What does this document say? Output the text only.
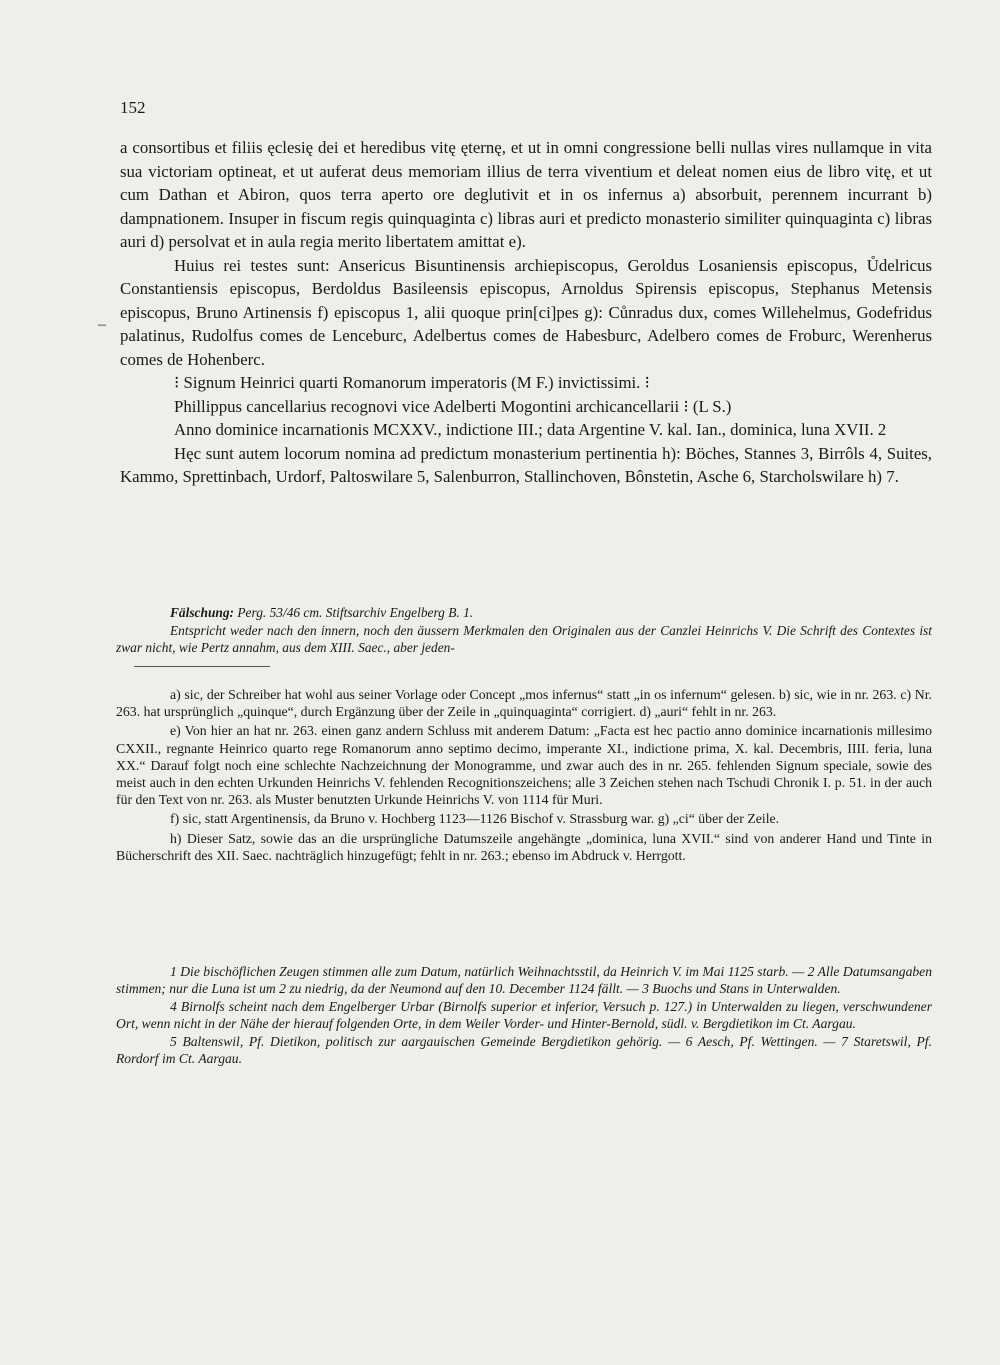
152
–

a consortibus et filiis ęclesię dei et heredibus vitę ęternę, et ut in omni congressione belli nullas vires nullamque in vita sua victoriam optineat, et ut auferat deus memoriam illius de terra viventium et deleat nomen eius de libro vitę, et ut cum Dathan et Abiron, quos terra aperto ore deglutivit et in os infernus a) absorbuit, perennem incurrant b) dampnationem. Insuper in fiscum regis quinquaginta c) libras auri et predicto monasterio similiter quinquaginta c) libras auri d) persolvat et in aula regia merito libertatem amittat e).

Huius rei testes sunt: Ansericus Bisuntinensis archiepiscopus, Geroldus Losaniensis episcopus, Ůdelricus Constantiensis episcopus, Berdoldus Basileensis episcopus, Arnoldus Spirensis episcopus, Stephanus Metensis episcopus, Bruno Artinensis f) episcopus 1, alii quoque prin[ci]pes g): Cůnradus dux, comes Willehelmus, Godefridus palatinus, Rudolfus comes de Lenceburc, Adelbertus comes de Habesburc, Adelbero comes de Froburc, Werenherus comes de Hohenberc.

⁝ Signum Heinrici quarti Romanorum imperatoris (M F.) invictissimi. ⁝

Phillippus cancellarius recognovi vice Adelberti Mogontini archicancellarii ⁝ (L S.)

Anno dominice incarnationis MCXXV., indictione III.; data Argentine V. kal. Ian., dominica, luna XVII. 2

Hęc sunt autem locorum nomina ad predictum monasterium pertinentia h): Böches, Stannes 3, Birrôls 4, Suites, Kammo, Sprettinbach, Urdorf, Paltoswilare 5, Salenburron, Stallinchoven, Bônstetin, Asche 6, Starcholswilare h) 7.

Fälschung: Perg. 53/46 cm. Stiftsarchiv Engelberg B. 1.

Entspricht weder nach den innern, noch den äussern Merkmalen den Originalen aus der Canzlei Heinrichs V. Die Schrift des Contextes ist zwar nicht, wie Pertz annahm, aus dem XIII. Saec., aber jeden-

a) sic, der Schreiber hat wohl aus seiner Vorlage oder Concept „mos infernus“ statt „in os infernum“ gelesen. b) sic, wie in nr. 263. c) Nr. 263. hat ursprünglich „quinque“, durch Ergänzung über der Zeile in „quinquaginta“ corrigiert. d) „auri“ fehlt in nr. 263.

e) Von hier an hat nr. 263. einen ganz andern Schluss mit anderem Datum: „Facta est hec pactio anno dominice incarnationis millesimo CXXII., regnante Heinrico quarto rege Romanorum anno septimo decimo, imperante XI., indictione prima, X. kal. Decembris, IIII. feria, luna XX.“ Darauf folgt noch eine schlechte Nachzeichnung der Monogramme, und zwar auch des in nr. 265. fehlenden Signum speciale, sowie des meist auch in den echten Urkunden Heinrichs V. fehlenden Recognitionszeichens; alle 3 Zeichen stehen nach Tschudi Chronik I. p. 51. in der auch für den Text von nr. 263. als Muster benutzten Urkunde Heinrichs V. von 1114 für Muri.

f) sic, statt Argentinensis, da Bruno v. Hochberg 1123—1126 Bischof v. Strassburg war. g) „ci“ über der Zeile.

h) Dieser Satz, sowie das an die ursprüngliche Datumszeile angehängte „dominica, luna XVII.“ sind von anderer Hand und Tinte in Bücherschrift des XII. Saec. nachträglich hinzugefügt; fehlt in nr. 263.; ebenso im Abdruck v. Herrgott.

1 Die bischöflichen Zeugen stimmen alle zum Datum, natürlich Weihnachtsstil, da Heinrich V. im Mai 1125 starb. — 2 Alle Datumsangaben stimmen; nur die Luna ist um 2 zu niedrig, da der Neumond auf den 10. December 1124 fällt. — 3 Buochs und Stans in Unterwalden.

4 Birnolfs scheint nach dem Engelberger Urbar (Birnolfs superior et inferior, Versuch p. 127.) in Unterwalden zu liegen, verschwundener Ort, wenn nicht in der Nähe der hierauf folgenden Orte, in dem Weiler Vorder- und Hinter-Bernold, südl. v. Bergdietikon im Ct. Aargau.

5 Baltenswil, Pf. Dietikon, politisch zur aargauischen Gemeinde Bergdietikon gehörig. — 6 Aesch, Pf. Wettingen. — 7 Staretswil, Pf. Rordorf im Ct. Aargau.
